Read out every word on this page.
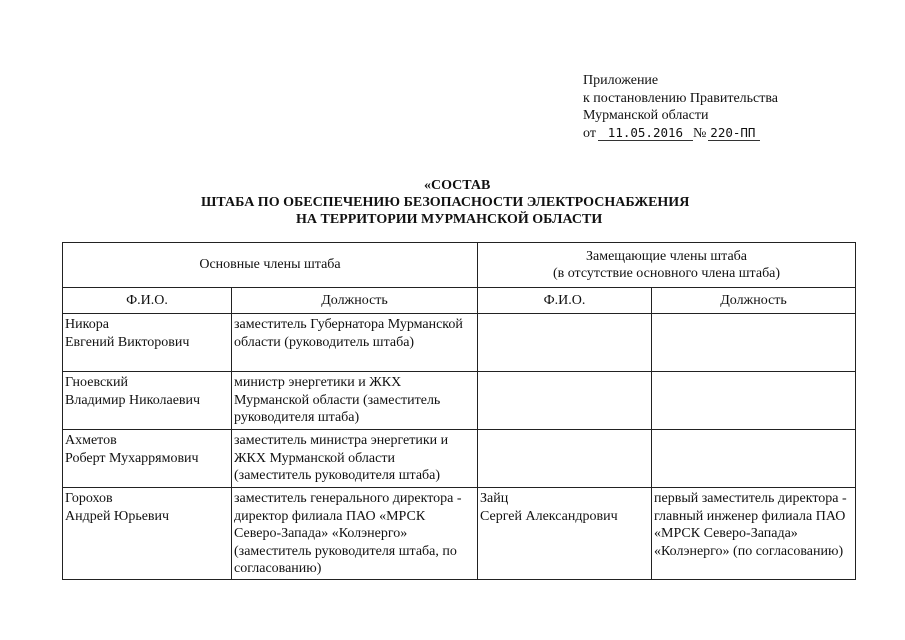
Приложение
к постановлению Правительства
Мурманской области
от 11.05.2016 № 220-ПП
«СОСТАВ
ШТАБА ПО ОБЕСПЕЧЕНИЮ БЕЗОПАСНОСТИ ЭЛЕКТРОСНАБЖЕНИЯ
НА ТЕРРИТОРИИ МУРМАНСКОЙ ОБЛАСТИ
Основные члены штаба		Замещающие члены штаба
(в отсутствие основного члена штаба)	

Ф.И.О.	Должность	Ф.И.О.	Должность

Никора
Евгений Викторович	заместитель Губернатора Мурманской области (руководитель штаба)	

Гноевский
Владимир Николаевич	министр энергетики и ЖКХ Мурманской области (заместитель руководителя штаба)	

Ахметов
Роберт Мухаррямович	заместитель министра энергетики и ЖКХ Мурманской области (заместитель руководителя штаба)	

Горохов
Андрей Юрьевич	заместитель генерального директора - директор филиала ПАО «МРСК Северо-Запада» «Колэнерго» (заместитель руководителя штаба, по согласованию)	Зайц
Сергей Александрович	первый заместитель директора - главный инженер филиала ПАО «МРСК Северо-Запада» «Колэнерго» (по согласованию)
